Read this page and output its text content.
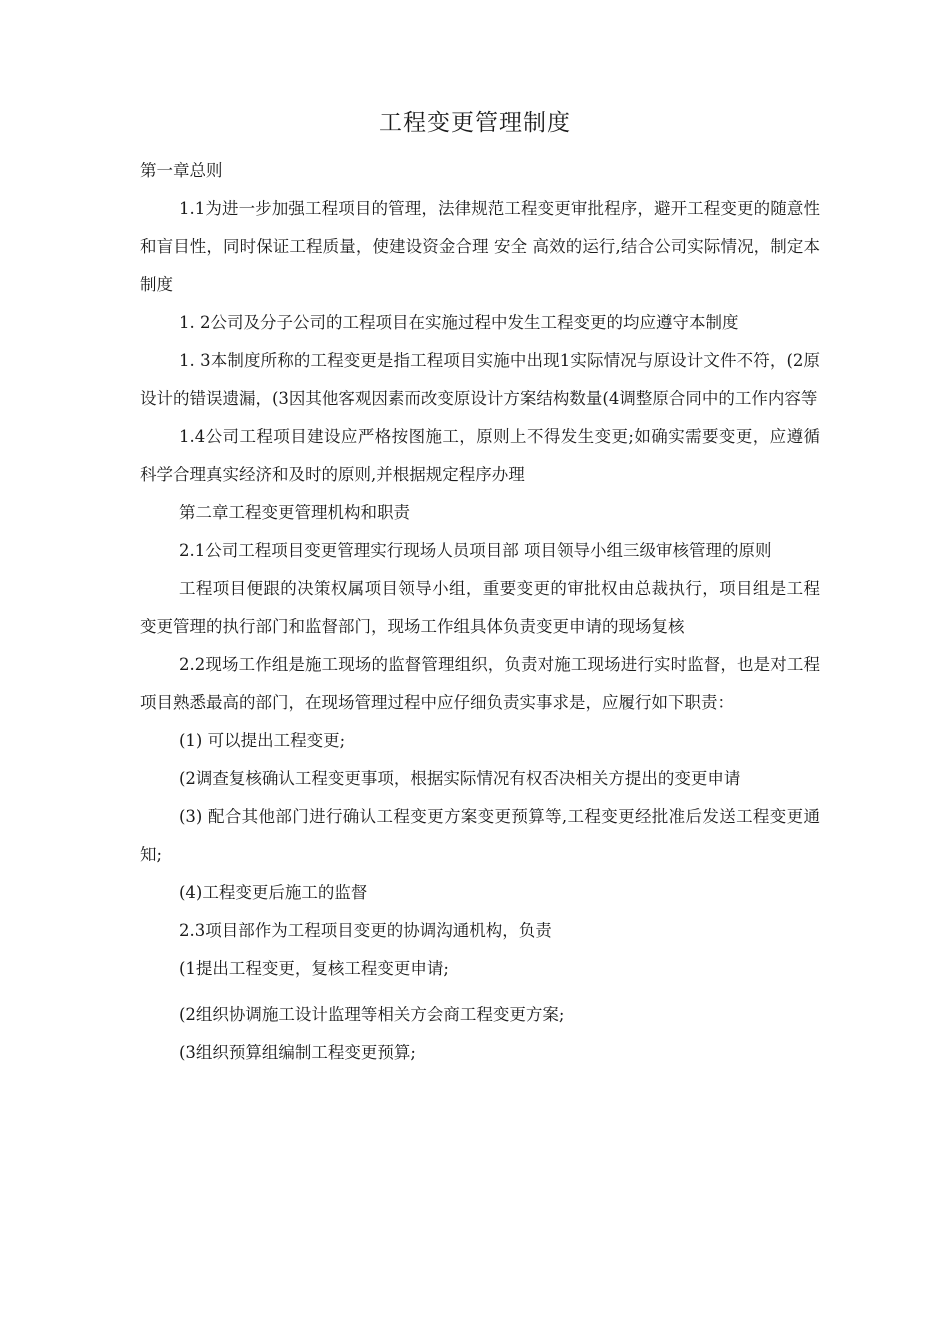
工程变更管理制度

第一章总则

1.1为进一步加强工程项目的管理，法律规范工程变更审批程序，避开工程变更的随意性和盲目性，同时保证工程质量，使建设资金合理 安全 高效的运行,结合公司实际情况，制定本制度

1. 2公司及分子公司的工程项目在实施过程中发生工程变更的均应遵守本制度

1. 3本制度所称的工程变更是指工程项目实施中出现1实际情况与原设计文件不符，(2原设计的错误遗漏，(3因其他客观因素而改变原设计方案结构数量(4调整原合同中的工作内容等

1.4公司工程项目建设应严格按图施工，原则上不得发生变更;如确实需要变更，应遵循科学合理真实经济和及时的原则,并根据规定程序办理

第二章工程变更管理机构和职责

2.1公司工程项目变更管理实行现场人员项目部 项目领导小组三级审核管理的原则

工程项目便跟的决策权属项目领导小组，重要变更的审批权由总裁执行，项目组是工程变更管理的执行部门和监督部门，现场工作组具体负责变更申请的现场复核

2.2现场工作组是施工现场的监督管理组织，负责对施工现场进行实时监督，也是对工程项目熟悉最高的部门，在现场管理过程中应仔细负责实事求是，应履行如下职责：

(1) 可以提出工程变更;

(2调查复核确认工程变更事项，根据实际情况有权否决相关方提出的变更申请

(3) 配合其他部门进行确认工程变更方案变更预算等,工程变更经批准后发送工程变更通知;

(4)工程变更后施工的监督

2.3项目部作为工程项目变更的协调沟通机构，负责

(1提出工程变更，复核工程变更申请;

(2组织协调施工设计监理等相关方会商工程变更方案;

(3组织预算组编制工程变更预算;
